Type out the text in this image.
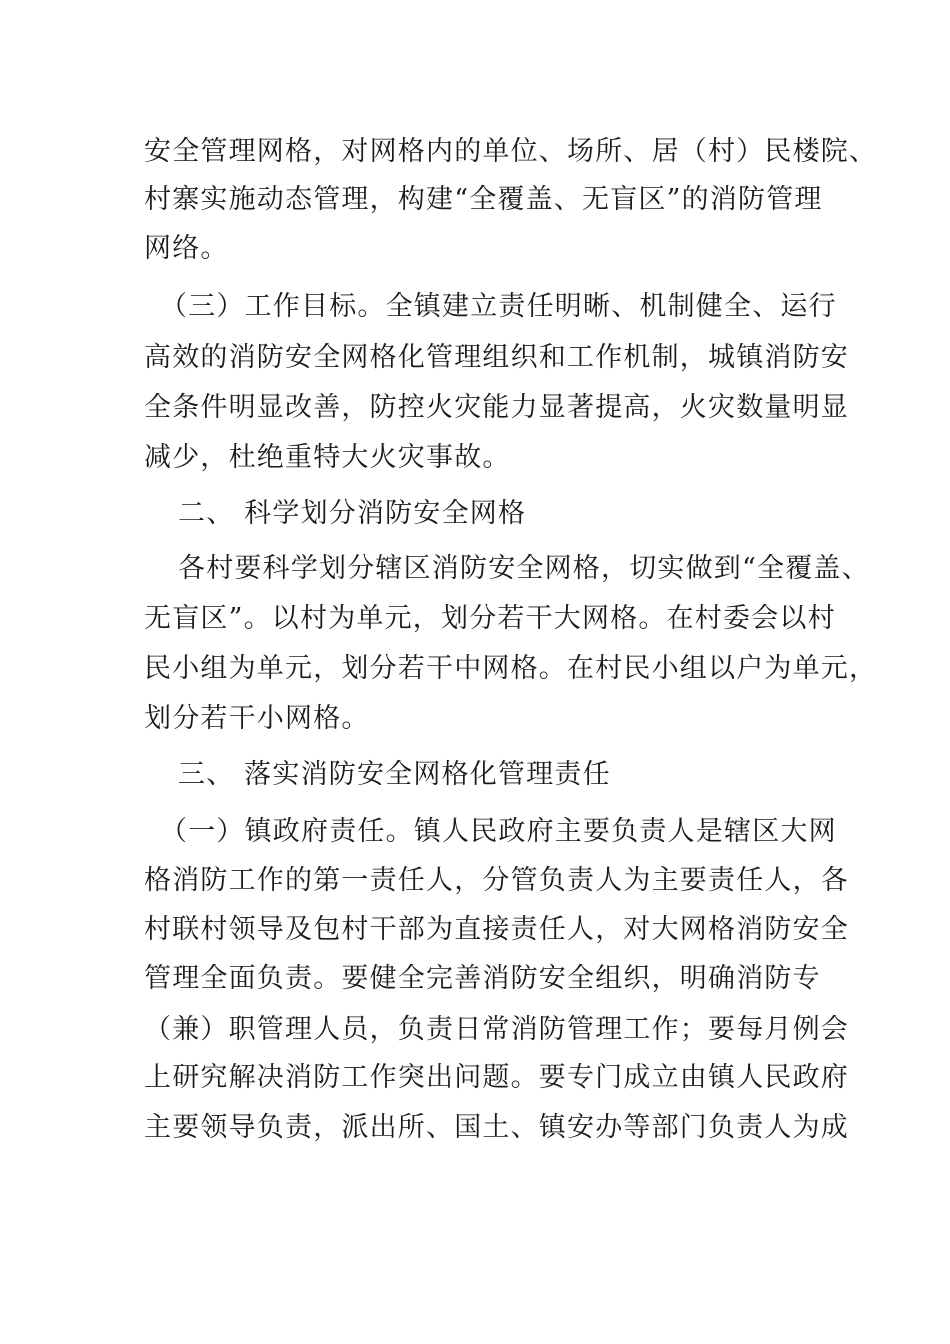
安全管理网格，对网格内的单位、场所、居（村）民楼院、
村寨实施动态管理，构建“全覆盖、无盲区”的消防管理
网络。
（三）工作目标。全镇建立责任明晰、机制健全、运行
高效的消防安全网格化管理组织和工作机制，城镇消防安
全条件明显改善，防控火灾能力显著提高，火灾数量明显
减少，杜绝重特大火灾事故。
二、 科学划分消防安全网格
各村要科学划分辖区消防安全网格，切实做到“全覆盖、
无盲区”。以村为单元，划分若干大网格。在村委会以村
民小组为单元，划分若干中网格。在村民小组以户为单元，
划分若干小网格。
三、 落实消防安全网格化管理责任
（一）镇政府责任。镇人民政府主要负责人是辖区大网
格消防工作的第一责任人，分管负责人为主要责任人，各
村联村领导及包村干部为直接责任人，对大网格消防安全
管理全面负责。要健全完善消防安全组织，明确消防专
（兼）职管理人员，负责日常消防管理工作；要每月例会
上研究解决消防工作突出问题。要专门成立由镇人民政府
主要领导负责，派出所、国土、镇安办等部门负责人为成
